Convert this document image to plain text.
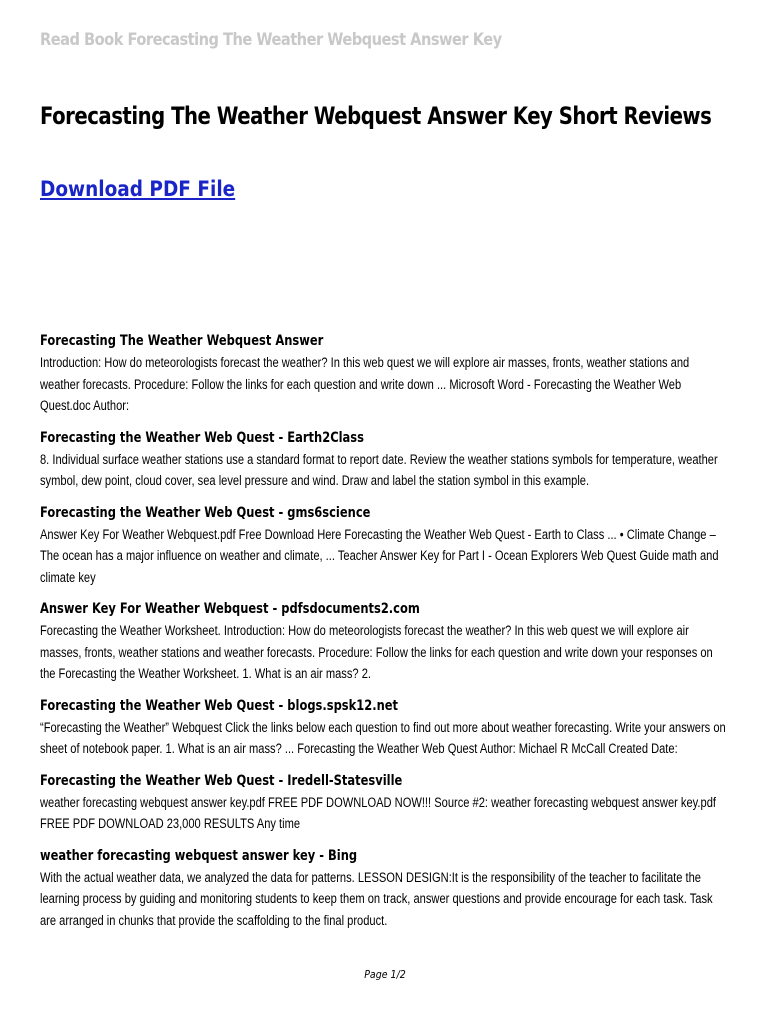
Read Book Forecasting The Weather Webquest Answer Key
Forecasting The Weather Webquest Answer Key Short Reviews
Download PDF File
Forecasting The Weather Webquest Answer
Introduction: How do meteorologists forecast the weather? In this web quest we will explore air masses, fronts, weather stations and weather forecasts. Procedure: Follow the links for each question and write down ... Microsoft Word - Forecasting the Weather Web Quest.doc Author:
Forecasting the Weather Web Quest - Earth2Class
8. Individual surface weather stations use a standard format to report date. Review the weather stations symbols for temperature, weather symbol, dew point, cloud cover, sea level pressure and wind. Draw and label the station symbol in this example.
Forecasting the Weather Web Quest - gms6science
Answer Key For Weather Webquest.pdf Free Download Here Forecasting the Weather Web Quest - Earth to Class ... • Climate Change – The ocean has a major influence on weather and climate, ... Teacher Answer Key for Part I - Ocean Explorers Web Quest Guide math and climate key
Answer Key For Weather Webquest - pdfsdocuments2.com
Forecasting the Weather Worksheet. Introduction: How do meteorologists forecast the weather? In this web quest we will explore air masses, fronts, weather stations and weather forecasts. Procedure: Follow the links for each question and write down your responses on the Forecasting the Weather Worksheet. 1. What is an air mass? 2.
Forecasting the Weather Web Quest - blogs.spsk12.net
“Forecasting the Weather” Webquest Click the links below each question to find out more about weather forecasting. Write your answers on sheet of notebook paper. 1. What is an air mass? ... Forecasting the Weather Web Quest Author: Michael R McCall Created Date:
Forecasting the Weather Web Quest - Iredell-Statesville
weather forecasting webquest answer key.pdf FREE PDF DOWNLOAD NOW!!! Source #2: weather forecasting webquest answer key.pdf FREE PDF DOWNLOAD 23,000 RESULTS Any time
weather forecasting webquest answer key - Bing
With the actual weather data, we analyzed the data for patterns. LESSON DESIGN:It is the responsibility of the teacher to facilitate the learning process by guiding and monitoring students to keep them on track, answer questions and provide encourage for each task. Task are arranged in chunks that provide the scaffolding to the final product.
Page 1/2
